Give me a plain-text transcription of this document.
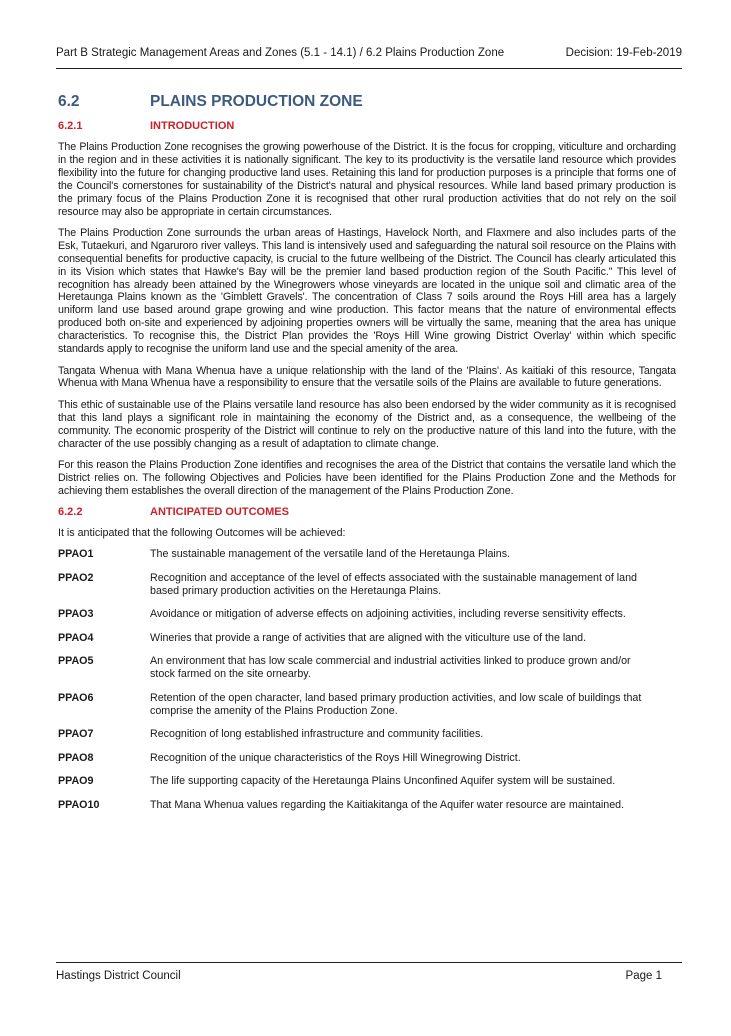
Part B Strategic Management Areas and Zones (5.1 - 14.1) / 6.2 Plains Production Zone	Decision: 19-Feb-2019
6.2	PLAINS PRODUCTION ZONE
6.2.1	INTRODUCTION

The Plains Production Zone recognises the growing powerhouse of the District. It is the focus for cropping, viticulture and orcharding in the region and in these activities it is nationally significant. The key to its productivity is the versatile land resource which provides flexibility into the future for changing productive land uses. Retaining this land for production purposes is a principle that forms one of the Council's cornerstones for sustainability of the District's natural and physical resources. While land based primary production is the primary focus of the Plains Production Zone it is recognised that other rural production activities that do not rely on the soil resource may also be appropriate in certain circumstances.

The Plains Production Zone surrounds the urban areas of Hastings, Havelock North, and Flaxmere and also includes parts of the Esk, Tutaekuri, and Ngaruroro river valleys. This land is intensively used and safeguarding the natural soil resource on the Plains with consequential benefits for productive capacity, is crucial to the future wellbeing of the District. The Council has clearly articulated this in its Vision which states that Hawke's Bay will be the premier land based production region of the South Pacific." This level of recognition has already been attained by the Winegrowers whose vineyards are located in the unique soil and climatic area of the Heretaunga Plains known as the 'Gimblett Gravels'. The concentration of Class 7 soils around the Roys Hill area has a largely uniform land use based around grape growing and wine production. This factor means that the nature of environmental effects produced both on-site and experienced by adjoining properties owners will be virtually the same, meaning that the area has unique characteristics. To recognise this, the District Plan provides the 'Roys Hill Wine growing District Overlay' within which specific standards apply to recognise the uniform land use and the special amenity of the area.

Tangata Whenua with Mana Whenua have a unique relationship with the land of the 'Plains'. As kaitiaki of this resource, Tangata Whenua with Mana Whenua have a responsibility to ensure that the versatile soils of the Plains are available to future generations.

This ethic of sustainable use of the Plains versatile land resource has also been endorsed by the wider community as it is recognised that this land plays a significant role in maintaining the economy of the District and, as a consequence, the wellbeing of the community. The economic prosperity of the District will continue to rely on the productive nature of this land into the future, with the character of the use possibly changing as a result of adaptation to climate change.

For this reason the Plains Production Zone identifies and recognises the area of the District that contains the versatile land which the District relies on. The following Objectives and Policies have been identified for the Plains Production Zone and the Methods for achieving them establishes the overall direction of the management of the Plains Production Zone.

6.2.2	ANTICIPATED OUTCOMES

It is anticipated that the following Outcomes will be achieved:

PPAO1	The sustainable management of the versatile land of the Heretaunga Plains.
PPAO2	Recognition and acceptance of the level of effects associated with the sustainable management of land based primary production activities on the Heretaunga Plains.
PPAO3	Avoidance or mitigation of adverse effects on adjoining activities, including reverse sensitivity effects.
PPAO4	Wineries that provide a range of activities that are aligned with the viticulture use of the land.
PPAO5	An environment that has low scale commercial and industrial activities linked to produce grown and/or stock farmed on the site ornearby.
PPAO6	Retention of the open character, land based primary production activities, and low scale of buildings that comprise the amenity of the Plains Production Zone.
PPAO7	Recognition of long established infrastructure and community facilities.
PPAO8	Recognition of the unique characteristics of the Roys Hill Winegrowing District.
PPAO9	The life supporting capacity of the Heretaunga Plains Unconfined Aquifer system will be sustained.
PPAO10	That Mana Whenua values regarding the Kaitiakitanga of the Aquifer water resource are maintained.
Hastings District Council	Page 1
